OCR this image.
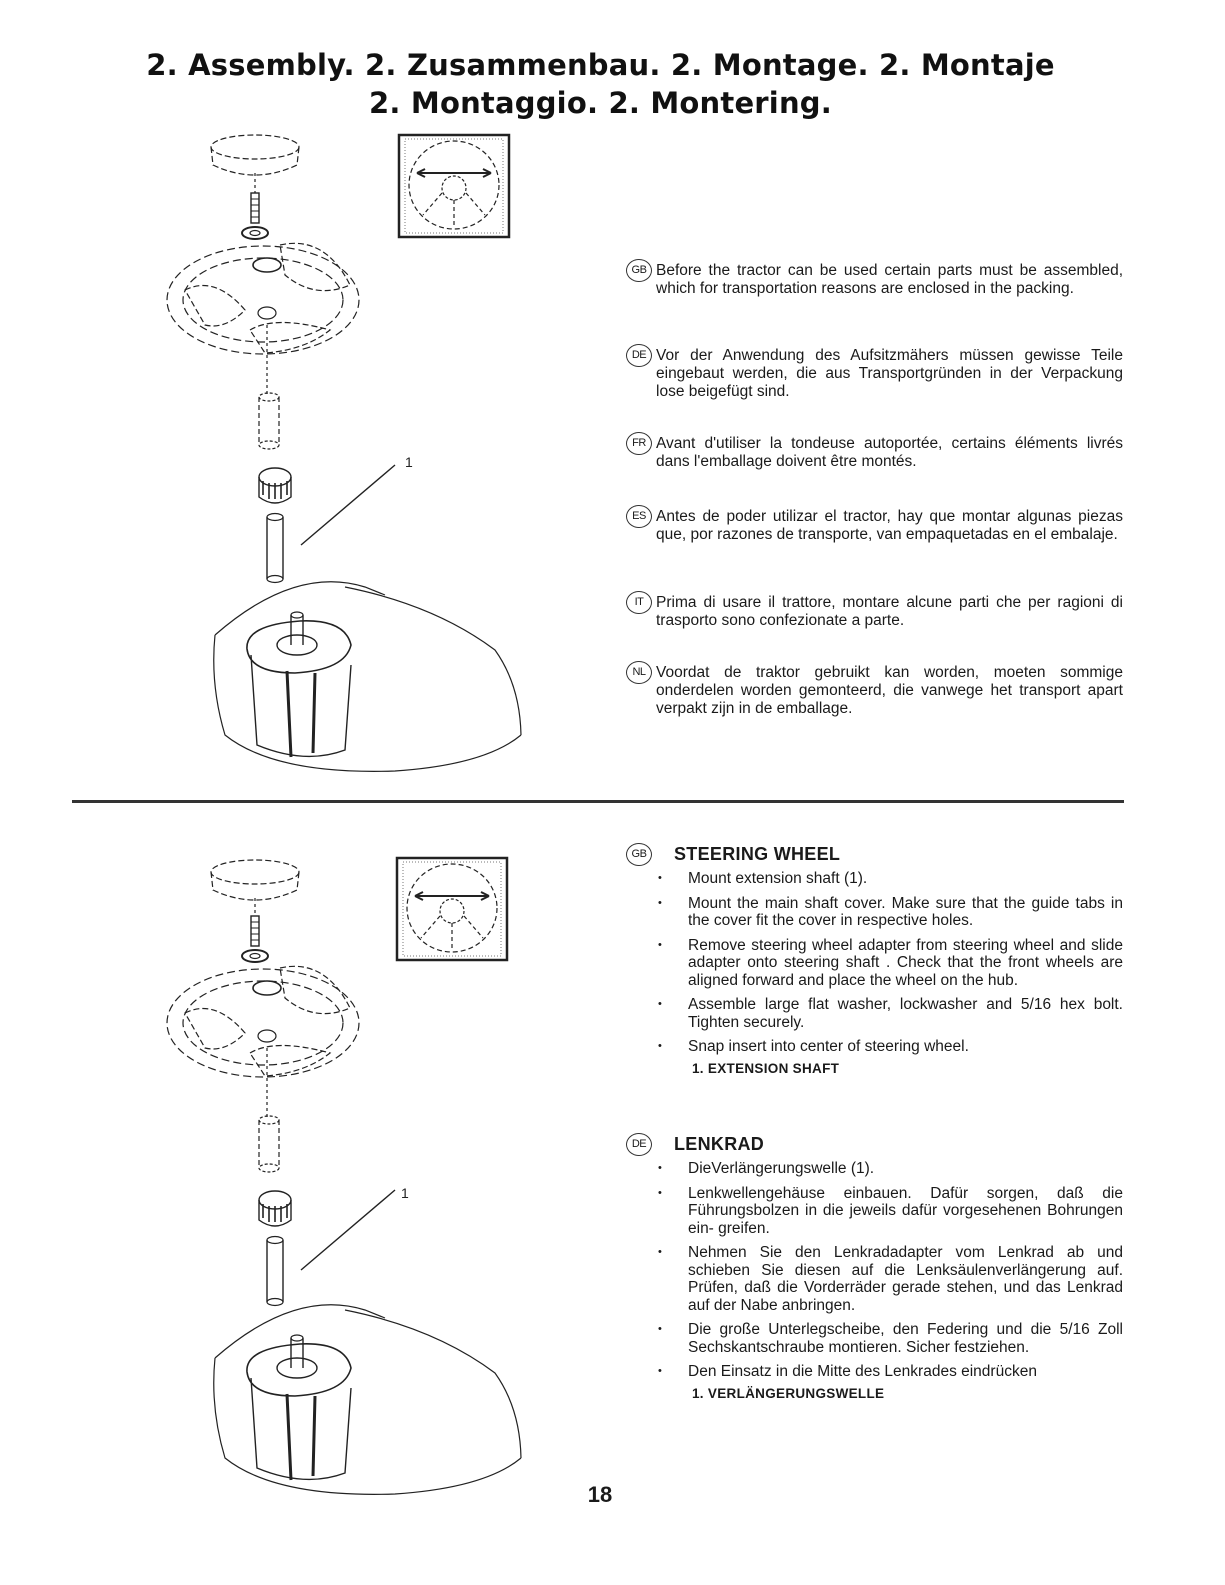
2. Assembly. 2. Zusammenbau. 2. Montage. 2. Montaje
2. Montaggio. 2. Montering.
1
GB Before the tractor can be used certain parts must be assembled, which for transportation reasons are enclosed in the packing.
DE Vor der Anwendung des Aufsitzmähers müssen gewisse Teile eingebaut werden, die aus Transportgründen in der Verpackung lose beigefügt sind.
FR Avant d'utiliser la tondeuse autoportée, certains éléments livrés dans l'emballage doivent être montés.
ES Antes de poder utilizar el tractor, hay que montar algunas piezas que, por razones de transporte, van empaquetadas en el embalaje.
IT Prima di usare il trattore, montare alcune parti che per ragioni di trasporto sono confezionate a parte.
NL Voordat de traktor gebruikt kan worden, moeten sommige onderdelen worden gemonteerd, die vanwege het transport apart verpakt zijn in de emballage.
1
GB	STEERING WHEEL
• Mount extension shaft (1).
• Mount the main shaft cover. Make sure that the guide tabs in the cover fit the cover in respective holes.
• Remove steering wheel adapter from steering wheel and slide adapter onto steering shaft . Check that the front wheels are aligned forward and place the wheel on the hub.
• Assemble large flat washer, lockwasher and 5/16 hex bolt. Tighten securely.
• Snap insert into center of steering wheel.
1. EXTENSION SHAFT
DE	LENKRAD
• DieVerlängerungswelle (1).
• Lenkwellengehäuse einbauen. Dafür sorgen, daß die Führungsbolzen in die jeweils dafür vorgesehenen Bohrungen ein- greifen.
• Nehmen Sie den Lenkradadapter vom Lenkrad ab und schieben Sie diesen auf die Lenksäulenverlängerung auf. Prüfen, daß die Vorderräder gerade stehen, und das Lenkrad auf der Nabe anbringen.
• Die große Unterlegscheibe, den Federing und die 5/16 Zoll Sechskantschraube montieren. Sicher festziehen.
• Den Einsatz in die Mitte des Lenkrades eindrücken
1. VERLÄNGERUNGSWELLE
18
